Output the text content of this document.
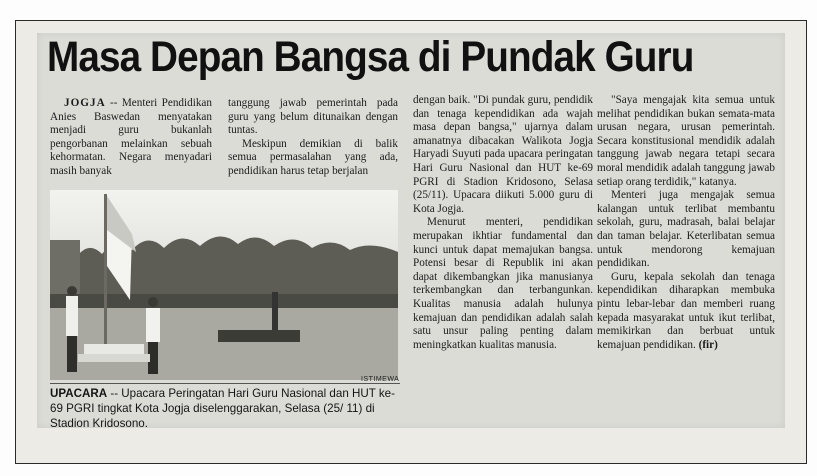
Masa Depan Bangsa di Pundak Guru

JOGJA -- Menteri Pendidikan Anies Baswedan menyatakan menjadi guru bukanlah pengorbanan melainkan sebuah kehormatan. Negara menyadari masih banyak

tanggung jawab pemerintah pada guru yang belum ditunaikan dengan tuntas.

Meskipun demikian di balik semua permasalahan yang ada, pendidikan harus tetap berjalan

ISTIMEWA
UPACARA -- Upacara Peringatan Hari Guru Nasional dan HUT ke-69 PGRI tingkat Kota Jogja diselenggarakan, Selasa (25/ 11) di Stadion Kridosono.

dengan baik. "Di pundak guru, pendidik dan tenaga kependidikan ada wajah masa depan bangsa," ujarnya dalam amanatnya dibacakan Walikota Jogja Haryadi Suyuti pada upacara peringatan Hari Guru Nasional dan HUT ke-69 PGRI di Stadion Kridosono, Selasa (25/11). Upacara diikuti 5.000 guru di Kota Jogja.

Menurut menteri, pendidikan merupakan ikhtiar fundamental dan kunci untuk dapat memajukan bangsa. Potensi besar di Republik ini akan dapat dikembangkan jika manusianya terkembangkan dan terbangunkan. Kualitas manusia adalah hulunya kemajuan dan pendidikan adalah salah satu unsur paling penting dalam meningkatkan kualitas manusia.

"Saya mengajak kita semua untuk melihat pendidikan bukan semata-mata urusan negara, urusan pemerintah. Secara konstitusional mendidik adalah tanggung jawab negara tetapi secara moral mendidik adalah tanggung jawab setiap orang terdidik," katanya.

Menteri juga mengajak semua kalangan untuk terlibat membantu sekolah, guru, madrasah, balai belajar dan taman belajar. Keterlibatan semua untuk mendorong kemajuan pendidikan.

Guru, kepala sekolah dan tenaga kependidikan diharapkan membuka pintu lebar-lebar dan memberi ruang kepada masyarakat untuk ikut terlibat, memikirkan dan berbuat untuk kemajuan pendidikan. (fir)
